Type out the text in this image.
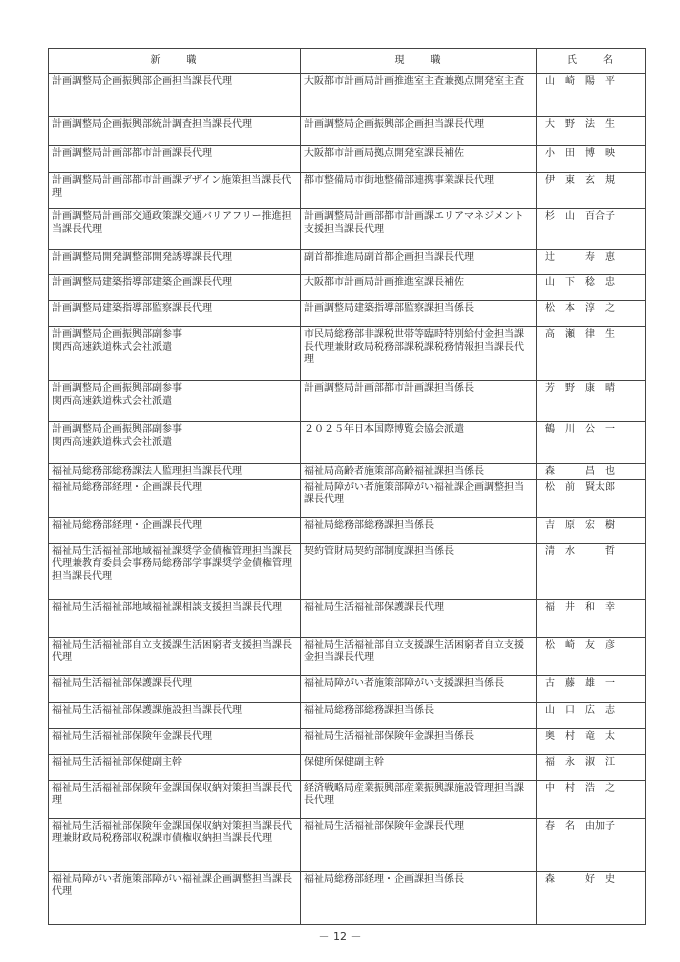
新　　職	現　　職	氏　　名
計画調整局企画振興部企画担当課長代理	大阪都市計画局計画推進室主査兼拠点開発室主査	山　崎　陽　平

計画調整局企画振興部統計調査担当課長代理	計画調整局企画振興部企画担当課長代理	大　野　法　生

計画調整局計画部都市計画課長代理	大阪都市計画局拠点開発室課長補佐	小　田　博　映

計画調整局計画部都市計画課デザイン施策担当課長代理	都市整備局市街地整備部連携事業課長代理	伊　東　玄　規

計画調整局計画部交通政策課交通バリアフリー推進担当課長代理	計画調整局計画部都市計画課エリアマネジメント支援担当課長代理	杉　山　百合子

計画調整局開発調整部開発誘導課長代理	副首都推進局副首都企画担当課長代理	辻　　　寿　恵

計画調整局建築指導部建築企画課長代理	大阪都市計画局計画推進室課長補佐	山　下　稔　忠

計画調整局建築指導部監察課長代理	計画調整局建築指導部監察課担当係長	松　本　淳　之

計画調整局企画振興部副参事
関西高速鉄道株式会社派遣	市民局総務部非課税世帯等臨時特別給付金担当課長代理兼財政局税務部課税課税務情報担当課長代理	高　瀬　律　生

計画調整局企画振興部副参事
関西高速鉄道株式会社派遣	計画調整局計画部都市計画課担当係長	芳　野　康　晴

計画調整局企画振興部副参事
関西高速鉄道株式会社派遣	２０２５年日本国際博覧会協会派遣	鶴　川　公　一

福祉局総務部総務課法人監理担当課長代理	福祉局高齢者施策部高齢福祉課担当係長	森　　　昌　也

福祉局総務部経理・企画課長代理	福祉局障がい者施策部障がい福祉課企画調整担当課長代理	松　前　賢太郎

福祉局総務部経理・企画課長代理	福祉局総務部総務課担当係長	吉　原　宏　樹

福祉局生活福祉部地域福祉課奨学金債権管理担当課長代理兼教育委員会事務局総務部学事課奨学金債権管理担当課長代理	契約管財局契約部制度課担当係長	清　水　　　哲

福祉局生活福祉部地域福祉課相談支援担当課長代理	福祉局生活福祉部保護課長代理	福　井　和　幸

福祉局生活福祉部自立支援課生活困窮者支援担当課長代理	福祉局生活福祉部自立支援課生活困窮者自立支援金担当課長代理	松　崎　友　彦

福祉局生活福祉部保護課長代理	福祉局障がい者施策部障がい支援課担当係長	古　藤　雄　一

福祉局生活福祉部保護課施設担当課長代理	福祉局総務部総務課担当係長	山　口　広　志

福祉局生活福祉部保険年金課長代理	福祉局生活福祉部保険年金課担当係長	奥　村　竜　太

福祉局生活福祉部保健副主幹	保健所保健副主幹	福　永　淑　江

福祉局生活福祉部保険年金課国保収納対策担当課長代理	経済戦略局産業振興部産業振興課施設管理担当課長代理	中　村　浩　之

福祉局生活福祉部保険年金課国保収納対策担当課長代理兼財政局税務部収税課市債権収納担当課長代理	福祉局生活福祉部保険年金課長代理	春　名　由加子

福祉局障がい者施策部障がい福祉課企画調整担当課長代理	福祉局総務部経理・企画課担当係長	森　　　好　史
－ 12 －
